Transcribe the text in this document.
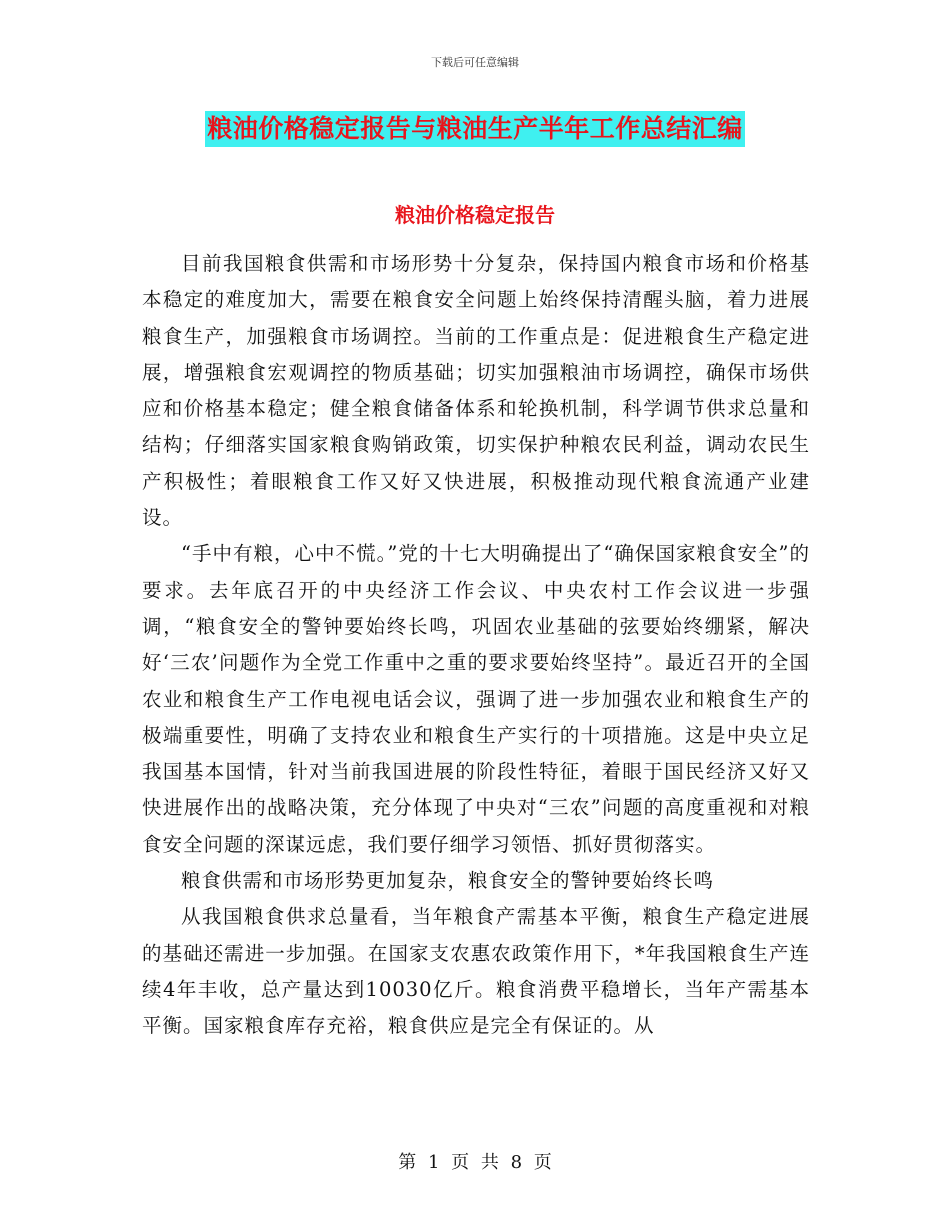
下载后可任意编辑
粮油价格稳定报告与粮油生产半年工作总结汇编
粮油价格稳定报告

目前我国粮食供需和市场形势十分复杂，保持国内粮食市场和价格基本稳定的难度加大，需要在粮食安全问题上始终保持清醒头脑，着力进展粮食生产，加强粮食市场调控。当前的工作重点是：促进粮食生产稳定进展，增强粮食宏观调控的物质基础；切实加强粮油市场调控，确保市场供应和价格基本稳定；健全粮食储备体系和轮换机制，科学调节供求总量和结构；仔细落实国家粮食购销政策，切实保护种粮农民利益，调动农民生产积极性；着眼粮食工作又好又快进展，积极推动现代粮食流通产业建设。

“手中有粮，心中不慌。”党的十七大明确提出了“确保国家粮食安全”的要求。去年底召开的中央经济工作会议、中央农村工作会议进一步强调，“粮食安全的警钟要始终长鸣，巩固农业基础的弦要始终绷紧，解决好‘三农’问题作为全党工作重中之重的要求要始终坚持”。最近召开的全国农业和粮食生产工作电视电话会议，强调了进一步加强农业和粮食生产的极端重要性，明确了支持农业和粮食生产实行的十项措施。这是中央立足我国基本国情，针对当前我国进展的阶段性特征，着眼于国民经济又好又快进展作出的战略决策，充分体现了中央对“三农”问题的高度重视和对粮食安全问题的深谋远虑，我们要仔细学习领悟、抓好贯彻落实。

粮食供需和市场形势更加复杂，粮食安全的警钟要始终长鸣

从我国粮食供求总量看，当年粮食产需基本平衡，粮食生产稳定进展的基础还需进一步加强。在国家支农惠农政策作用下，*年我国粮食生产连续4年丰收，总产量达到10030亿斤。粮食消费平稳增长，当年产需基本平衡。国家粮食库存充裕，粮食供应是完全有保证的。从

第 1 页 共 8 页
